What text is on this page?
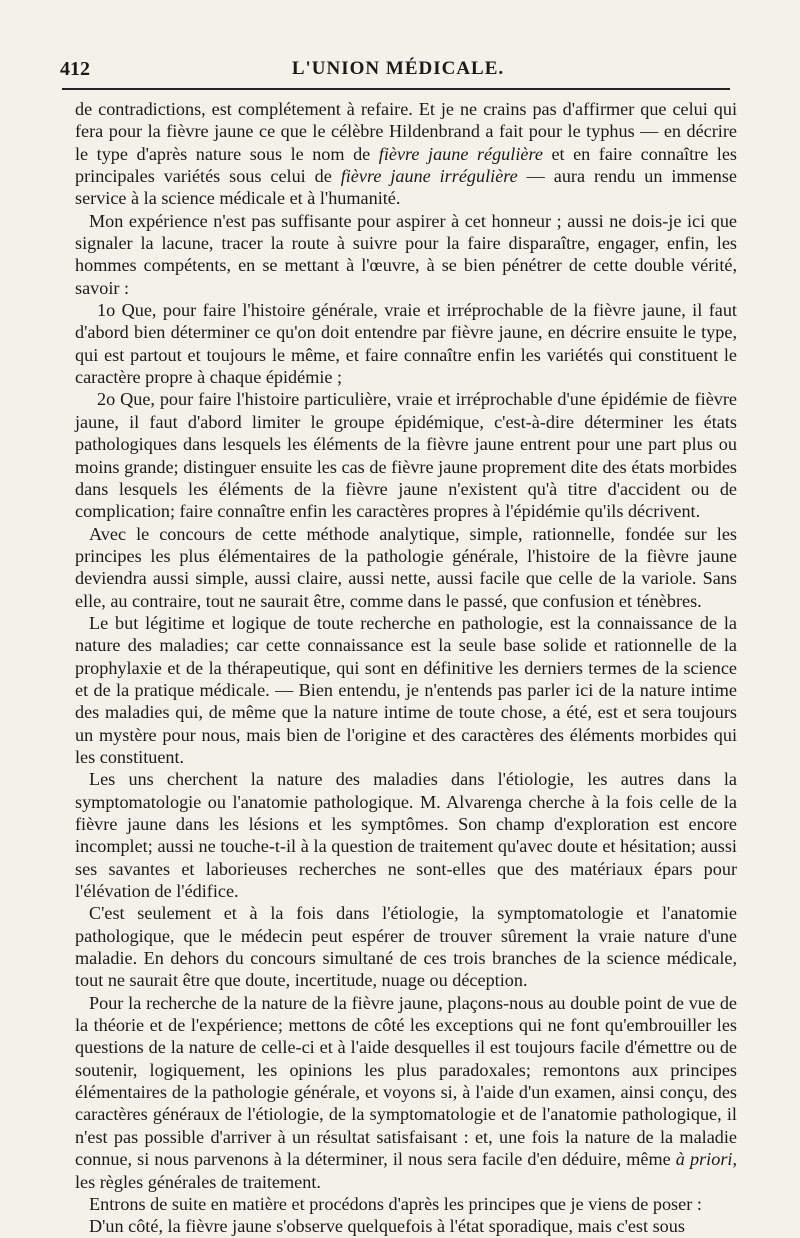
412	L'UNION MÉDICALE.

de contradictions, est complétement à refaire. Et je ne crains pas d'affirmer que celui qui fera pour la fièvre jaune ce que le célèbre Hildenbrand a fait pour le typhus — en décrire le type d'après nature sous le nom de fièvre jaune régulière et en faire connaître les principales variétés sous celui de fièvre jaune irrégulière — aura rendu un immense service à la science médicale et à l'humanité.

Mon expérience n'est pas suffisante pour aspirer à cet honneur ; aussi ne dois-je ici que signaler la lacune, tracer la route à suivre pour la faire disparaître, engager, enfin, les hommes compétents, en se mettant à l'œuvre, à se bien pénétrer de cette double vérité, savoir :

1o Que, pour faire l'histoire générale, vraie et irréprochable de la fièvre jaune, il faut d'abord bien déterminer ce qu'on doit entendre par fièvre jaune, en décrire ensuite le type, qui est partout et toujours le même, et faire connaître enfin les variétés qui constituent le caractère propre à chaque épidémie ;

2o Que, pour faire l'histoire particulière, vraie et irréprochable d'une épidémie de fièvre jaune, il faut d'abord limiter le groupe épidémique, c'est-à-dire déterminer les états pathologiques dans lesquels les éléments de la fièvre jaune entrent pour une part plus ou moins grande; distinguer ensuite les cas de fièvre jaune proprement dite des états morbides dans lesquels les éléments de la fièvre jaune n'existent qu'à titre d'accident ou de complication; faire connaître enfin les caractères propres à l'épidémie qu'ils décrivent.

Avec le concours de cette méthode analytique, simple, rationnelle, fondée sur les principes les plus élémentaires de la pathologie générale, l'histoire de la fièvre jaune deviendra aussi simple, aussi claire, aussi nette, aussi facile que celle de la variole. Sans elle, au contraire, tout ne saurait être, comme dans le passé, que confusion et ténèbres.

Le but légitime et logique de toute recherche en pathologie, est la connaissance de la nature des maladies; car cette connaissance est la seule base solide et rationnelle de la prophylaxie et de la thérapeutique, qui sont en définitive les derniers termes de la science et de la pratique médicale. — Bien entendu, je n'entends pas parler ici de la nature intime des maladies qui, de même que la nature intime de toute chose, a été, est et sera toujours un mystère pour nous, mais bien de l'origine et des caractères des éléments morbides qui les constituent.

Les uns cherchent la nature des maladies dans l'étiologie, les autres dans la symptomatologie ou l'anatomie pathologique. M. Alvarenga cherche à la fois celle de la fièvre jaune dans les lésions et les symptômes. Son champ d'exploration est encore incomplet; aussi ne touche-t-il à la question de traitement qu'avec doute et hésitation; aussi ses savantes et laborieuses recherches ne sont-elles que des matériaux épars pour l'élévation de l'édifice.

C'est seulement et à la fois dans l'étiologie, la symptomatologie et l'anatomie pathologique, que le médecin peut espérer de trouver sûrement la vraie nature d'une maladie. En dehors du concours simultané de ces trois branches de la science médicale, tout ne saurait être que doute, incertitude, nuage ou déception.

Pour la recherche de la nature de la fièvre jaune, plaçons-nous au double point de vue de la théorie et de l'expérience; mettons de côté les exceptions qui ne font qu'embrouiller les questions de la nature de celle-ci et à l'aide desquelles il est toujours facile d'émettre ou de soutenir, logiquement, les opinions les plus paradoxales; remontons aux principes élémentaires de la pathologie générale, et voyons si, à l'aide d'un examen, ainsi conçu, des caractères généraux de l'étiologie, de la symptomatologie et de l'anatomie pathologique, il n'est pas possible d'arriver à un résultat satisfaisant : et, une fois la nature de la maladie connue, si nous parvenons à la déterminer, il nous sera facile d'en déduire, même à priori, les règles générales de traitement.

Entrons de suite en matière et procédons d'après les principes que je viens de poser :

D'un côté, la fièvre jaune s'observe quelquefois à l'état sporadique, mais c'est sous
